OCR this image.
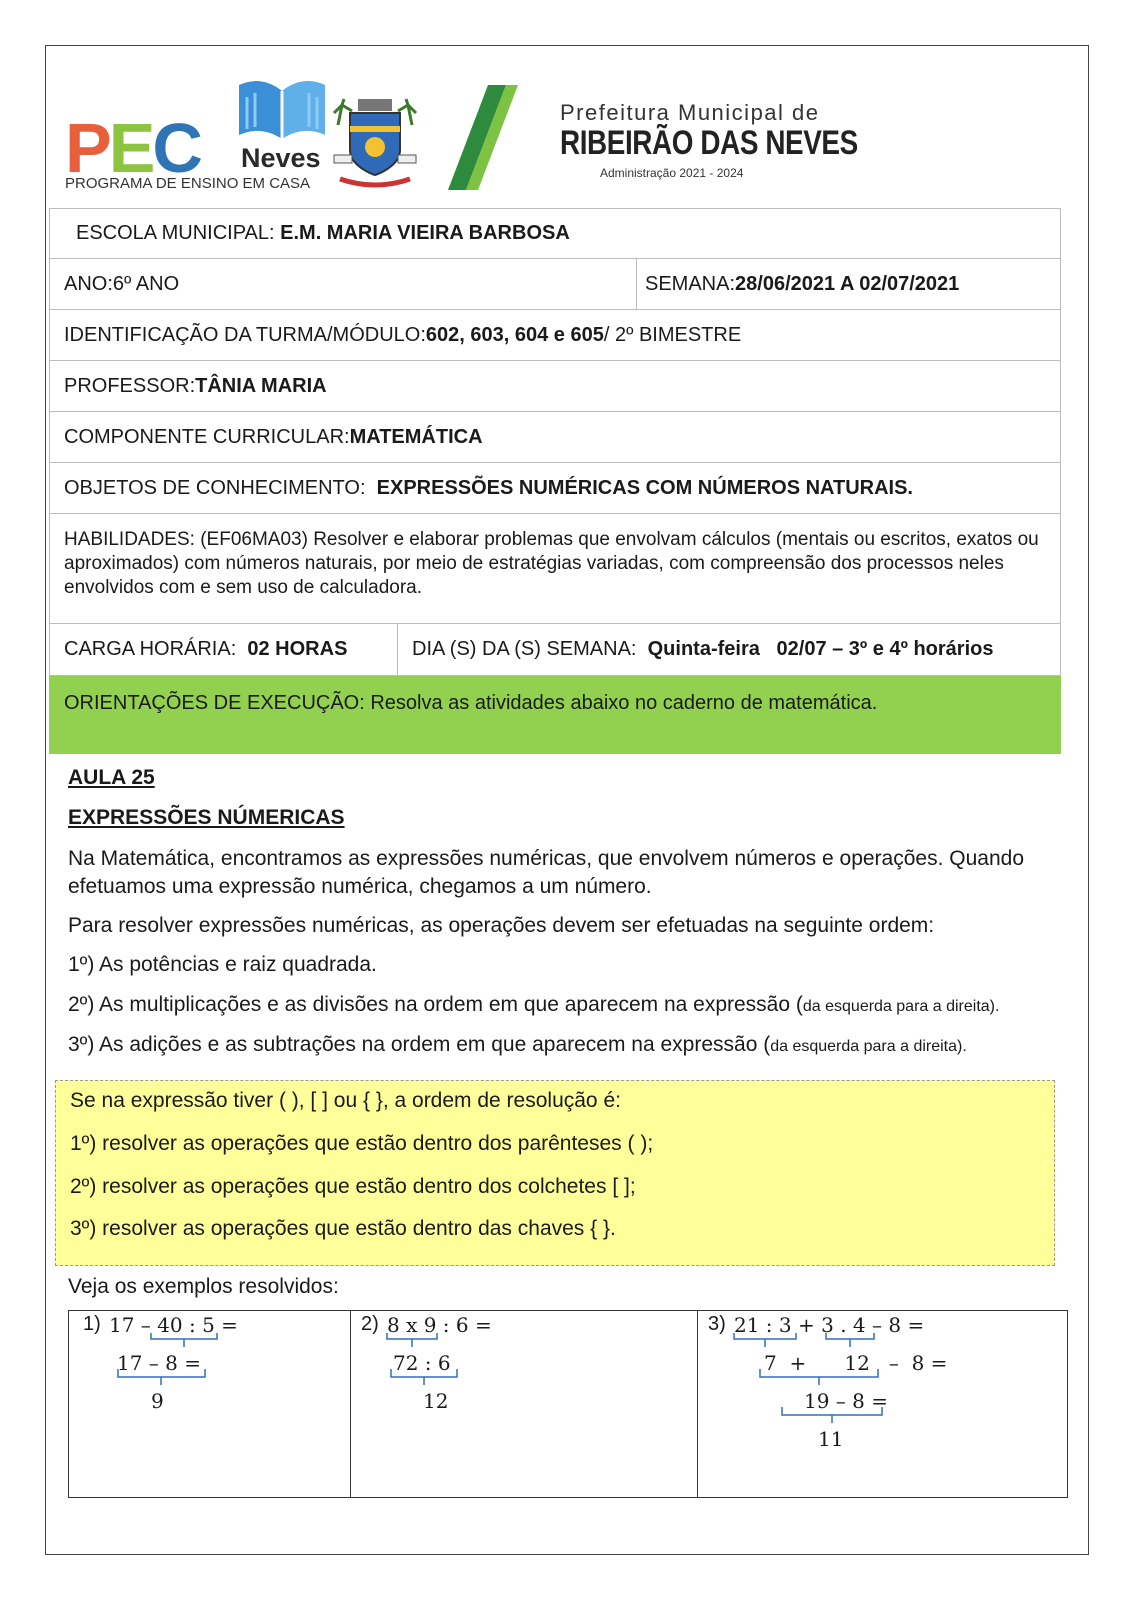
PEC Neves
PROGRAMA DE ENSINO EM CASA
Prefeitura Municipal de
RIBEIRÃO DAS NEVES
Administração 2021 - 2024
ESCOLA MUNICIPAL:
E.M. MARIA VIEIRA BARBOSA
ANO: 6º ANO	SEMANA: 28/06/2021 A 02/07/2021
IDENTIFICAÇÃO DA TURMA/MÓDULO: 602, 603, 604 e 605 / 2º BIMESTRE
PROFESSOR: TÂNIA MARIA
COMPONENTE CURRICULAR: MATEMÁTICA
OBJETOS DE CONHECIMENTO: EXPRESSÕES NUMÉRICAS COM NÚMEROS NATURAIS.
HABILIDADES: (EF06MA03) Resolver e elaborar problemas que envolvam cálculos (mentais ou escritos, exatos ou aproximados) com números naturais, por meio de estratégias variadas, com compreensão dos processos neles envolvidos com e sem uso de calculadora.
CARGA HORÁRIA: 02 HORAS	DIA (S) DA (S) SEMANA: Quinta-feira   02/07 – 3º e 4º horários
ORIENTAÇÕES DE EXECUÇÃO: Resolva as atividades abaixo no caderno de matemática.
AULA 25
EXPRESSÕES NÚMERICAS
Na Matemática, encontramos as expressões numéricas, que envolvem números e operações. Quando efetuamos uma expressão numérica, chegamos a um número.
Para resolver expressões numéricas, as operações devem ser efetuadas na seguinte ordem:
1º) As potências e raiz quadrada.
2º) As multiplicações e as divisões na ordem em que aparecem na expressão (da esquerda para a direita).
3º) As adições e as subtrações na ordem em que aparecem na expressão (da esquerda para a direita).
Se na expressão tiver ( ), [ ] ou { }, a ordem de resolução é:
1º) resolver as operações que estão dentro dos parênteses ( );
2º) resolver as operações que estão dentro dos colchetes [ ];
3º) resolver as operações que estão dentro das chaves { }.
Veja os exemplos resolvidos:
1) 17 – 40 : 5 =
17 – 8 =
9
2) 8 x 9 : 6 =
72 : 6
12
3) 21 : 3 + 3 . 4 – 8 =
7  +      12   –  8 =
19 – 8 =
11
